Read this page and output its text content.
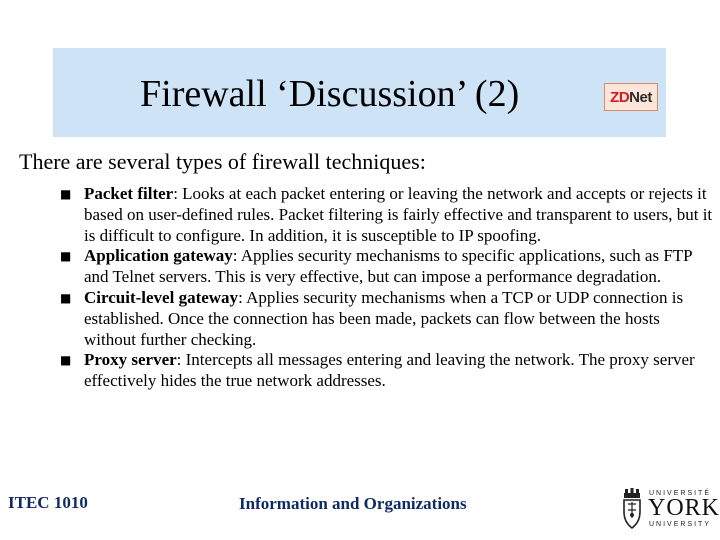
Firewall ‘Discussion’ (2)	ZD Net
There are several types of firewall techniques:
■ Packet filter: Looks at each packet entering or leaving the network and accepts or rejects it based on user-defined rules. Packet filtering is fairly effective and transparent to users, but it is difficult to configure. In addition, it is susceptible to IP spoofing.
■ Application gateway: Applies security mechanisms to specific applications, such as FTP and Telnet servers. This is very effective, but can impose a performance degradation.
■ Circuit-level gateway: Applies security mechanisms when a TCP or UDP connection is established. Once the connection has been made, packets can flow between the hosts without further checking.
■ Proxy server: Intercepts all messages entering and leaving the network. The proxy server effectively hides the true network addresses.
ITEC 1010	Information and Organizations
UNIVERSITÉ
YORK
UNIVERSITY
